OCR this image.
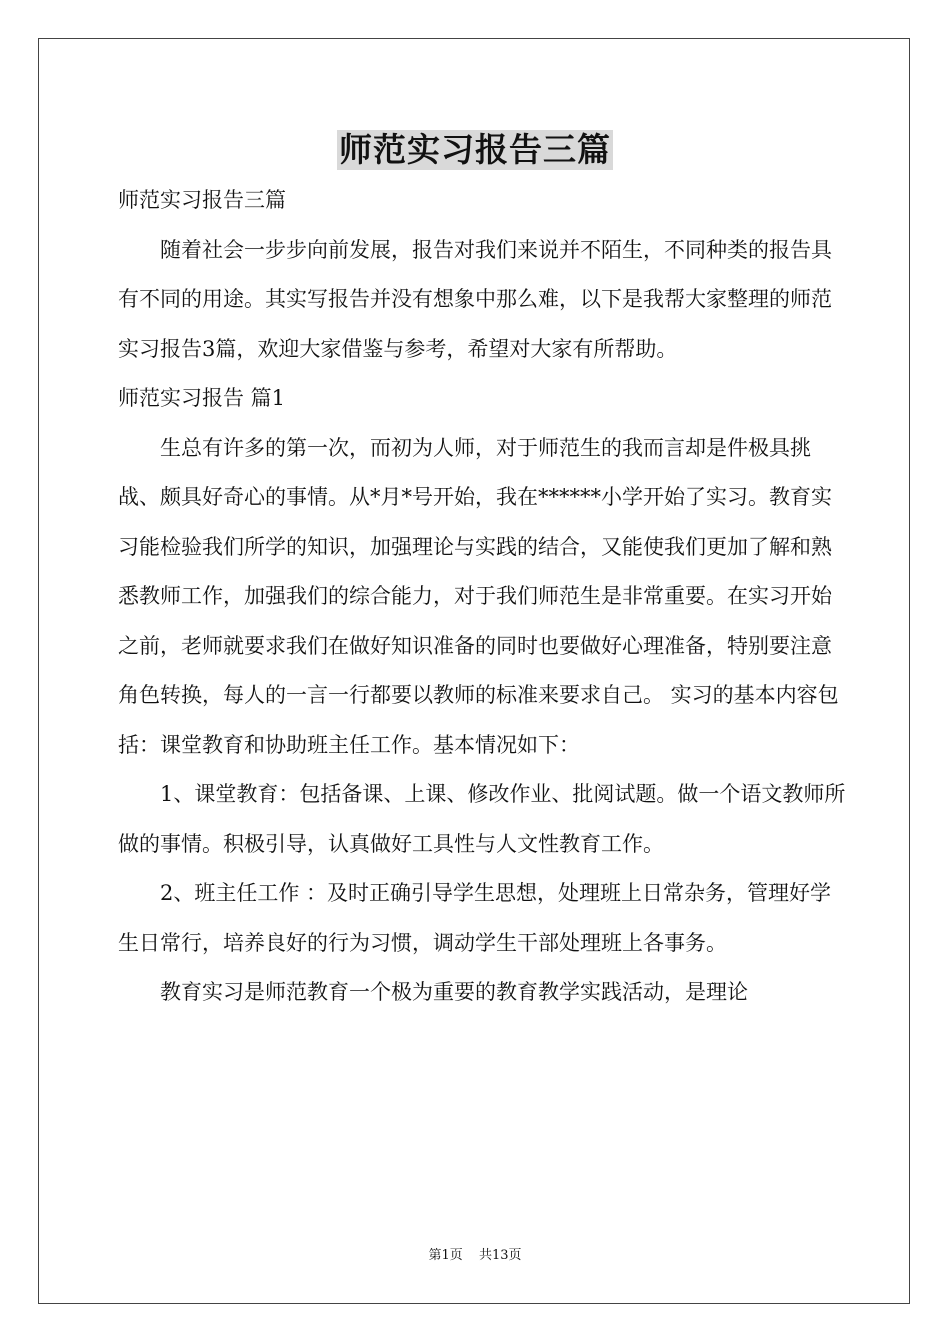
师范实习报告三篇

师范实习报告三篇

随着社会一步步向前发展，报告对我们来说并不陌生，不同种类的报告具有不同的用途。其实写报告并没有想象中那么难，以下是我帮大家整理的师范实习报告3篇，欢迎大家借鉴与参考，希望对大家有所帮助。

师范实习报告 篇1

生总有许多的第一次，而初为人师，对于师范生的我而言却是件极具挑战、颇具好奇心的事情。从*月*号开始，我在******小学开始了实习。教育实习能检验我们所学的知识，加强理论与实践的结合，又能使我们更加了解和熟悉教师工作，加强我们的综合能力，对于我们师范生是非常重要。在实习开始之前，老师就要求我们在做好知识准备的同时也要做好心理准备，特别要注意角色转换，每人的一言一行都要以教师的标准来要求自己。 实习的基本内容包括：课堂教育和协助班主任工作。基本情况如下：

1、课堂教育：包括备课、上课、修改作业、批阅试题。做一个语文教师所做的事情。积极引导，认真做好工具性与人文性教育工作。

2、班主任工作 ：及时正确引导学生思想，处理班上日常杂务，管理好学生日常行，培养良好的行为习惯，调动学生干部处理班上各事务。

教育实习是师范教育一个极为重要的教育教学实践活动，是理论

第1页 共13页
